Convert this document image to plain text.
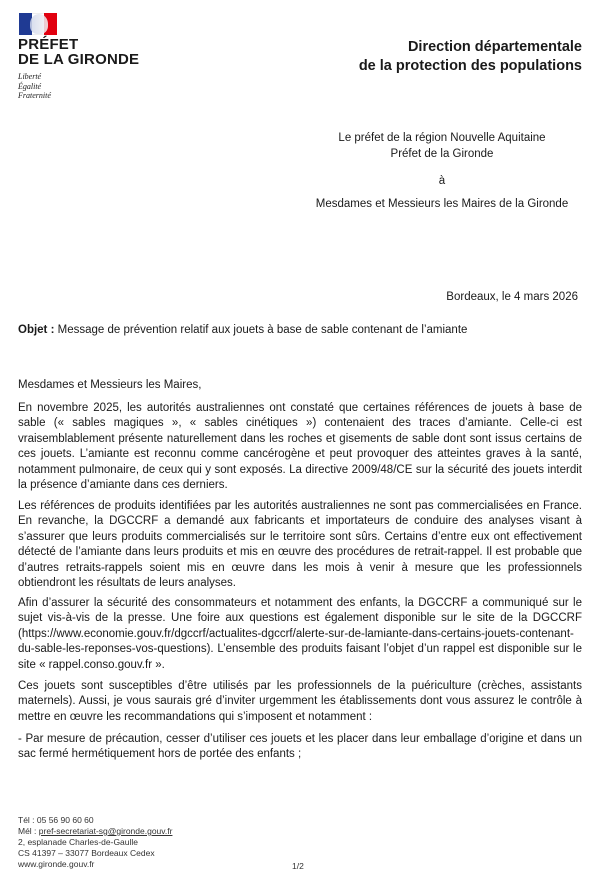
PRÉFET
DE LA GIRONDE
Liberté
Égalité
Fraternité
Direction départementale
de la protection des populations
Le préfet de la région Nouvelle Aquitaine
Préfet de la Gironde
à
Mesdames et Messieurs les Maires de la Gironde
Bordeaux, le 4 mars 2026
Objet : Message de prévention relatif aux jouets à base de sable contenant de l’amiante
Mesdames et Messieurs les Maires,
En novembre 2025, les autorités australiennes ont constaté que certaines références de jouets à base de sable (« sables magiques », « sables cinétiques ») contenaient des traces d’amiante. Celle-ci est vraisemblablement présente naturellement dans les roches et gisements de sable dont sont issus certains de ces jouets. L’amiante est reconnu comme cancérogène et peut provoquer des atteintes graves à la santé, notamment pulmonaire, de ceux qui y sont exposés. La directive 2009/48/CE sur la sécurité des jouets interdit la présence d’amiante dans ces derniers.
Les références de produits identifiées par les autorités australiennes ne sont pas commercialisées en France. En revanche, la DGCCRF a demandé aux fabricants et importateurs de conduire des analyses visant à s’assurer que leurs produits commercialisés sur le territoire sont sûrs. Certains d’entre eux ont effectivement détecté de l’amiante dans leurs produits et mis en œuvre des procédures de retrait-rappel. Il est probable que d’autres retraits-rappels soient mis en œuvre dans les mois à venir à mesure que les professionnels obtiendront les résultats de leurs analyses.
Afin d’assurer la sécurité des consommateurs et notamment des enfants, la DGCCRF a communiqué sur le sujet vis-à-vis de la presse. Une foire aux questions est également disponible sur le site de la DGCCRF (https://www.economie.gouv.fr/dgccrf/actualites-dgccrf/alerte-sur-de-lamiante-dans-certains-jouets-contenant-du-sable-les-reponses-vos-questions). L’ensemble des produits faisant l’objet d’un rappel est disponible sur le site « rappel.conso.gouv.fr ».
Ces jouets sont susceptibles d’être utilisés par les professionnels de la puériculture (crèches, assistants maternels). Aussi, je vous saurais gré d’inviter urgemment les établissements dont vous assurez le contrôle à mettre en œuvre les recommandations qui s’imposent et notamment :
- Par mesure de précaution, cesser d’utiliser ces jouets et les placer dans leur emballage d’origine et dans un sac fermé hermétiquement hors de portée des enfants ;
Tél : 05 56 90 60 60
Mél : pref-secretariat-sg@gironde.gouv.fr
2, esplanade Charles-de-Gaulle
CS 41397 – 33077 Bordeaux Cedex
www.gironde.gouv.fr	1/2
